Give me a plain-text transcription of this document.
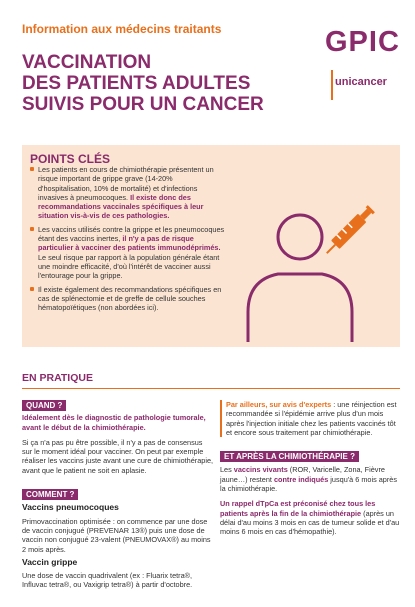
Information aux médecins traitants
VACCINATION
DES PATIENTS ADULTES
SUIVIS POUR UN CANCER
GPIC
unicancer
POINTS CLÉS
Les patients en cours de chimiothérapie présentent un risque important de grippe grave (14-20% d'hospitalisation, 10% de mortalité) et d'infections invasives à pneumocoques. Il existe donc des recommandations vaccinales spécifiques à leur situation vis-à-vis de ces pathologies.
Les vaccins utilisés contre la grippe et les pneumocoques étant des vaccins inertes, il n'y a pas de risque particulier à vacciner des patients immunodéprimés. Le seul risque par rapport à la population générale étant une moindre efficacité, d'où l'intérêt de vacciner aussi l'entourage pour la grippe.
Il existe également des recommandations spécifiques en cas de splénectomie et de greffe de cellule souches hématopoïétiques (non abordées ici).
EN PRATIQUE
QUAND ?
Idéalement dès le diagnostic de pathologie tumorale, avant le début de la chimiothérapie.
Si ça n'a pas pu être possible, il n'y a pas de consensus sur le moment idéal pour vacciner. On peut par exemple réaliser les vaccins juste avant une cure de chimiothérapie, avant que le patient ne soit en aplasie.
COMMENT ?
Vaccins pneumocoques
Primovaccination optimisée : on commence par une dose de vaccin conjugué (PREVENAR 13®) puis une dose de vaccin non conjugué 23-valent (PNEUMOVAX®) au moins 2 mois après.
Vaccin grippe
Une dose de vaccin quadrivalent (ex : Fluarix tetra®, Influvac tetra®, ou Vaxigrip tetra®) à partir d'octobre.
Par ailleurs, sur avis d'experts : une réinjection est recommandée si l'épidémie arrive plus d'un mois après l'injection initiale chez les patients vaccinés tôt et encore sous traitement par chimiothérapie.
ET APRÈS LA CHIMIOTHÉRAPIE ?
Les vaccins vivants (ROR, Varicelle, Zona, Fièvre jaune…) restent contre indiqués jusqu'à 6 mois après la chimiothérapie.
Un rappel dTpCa est préconisé chez tous les patients après la fin de la chimiothérapie (après un délai d'au moins 3 mois en cas de tumeur solide et d'au moins 6 mois en cas d'hémopathie).
